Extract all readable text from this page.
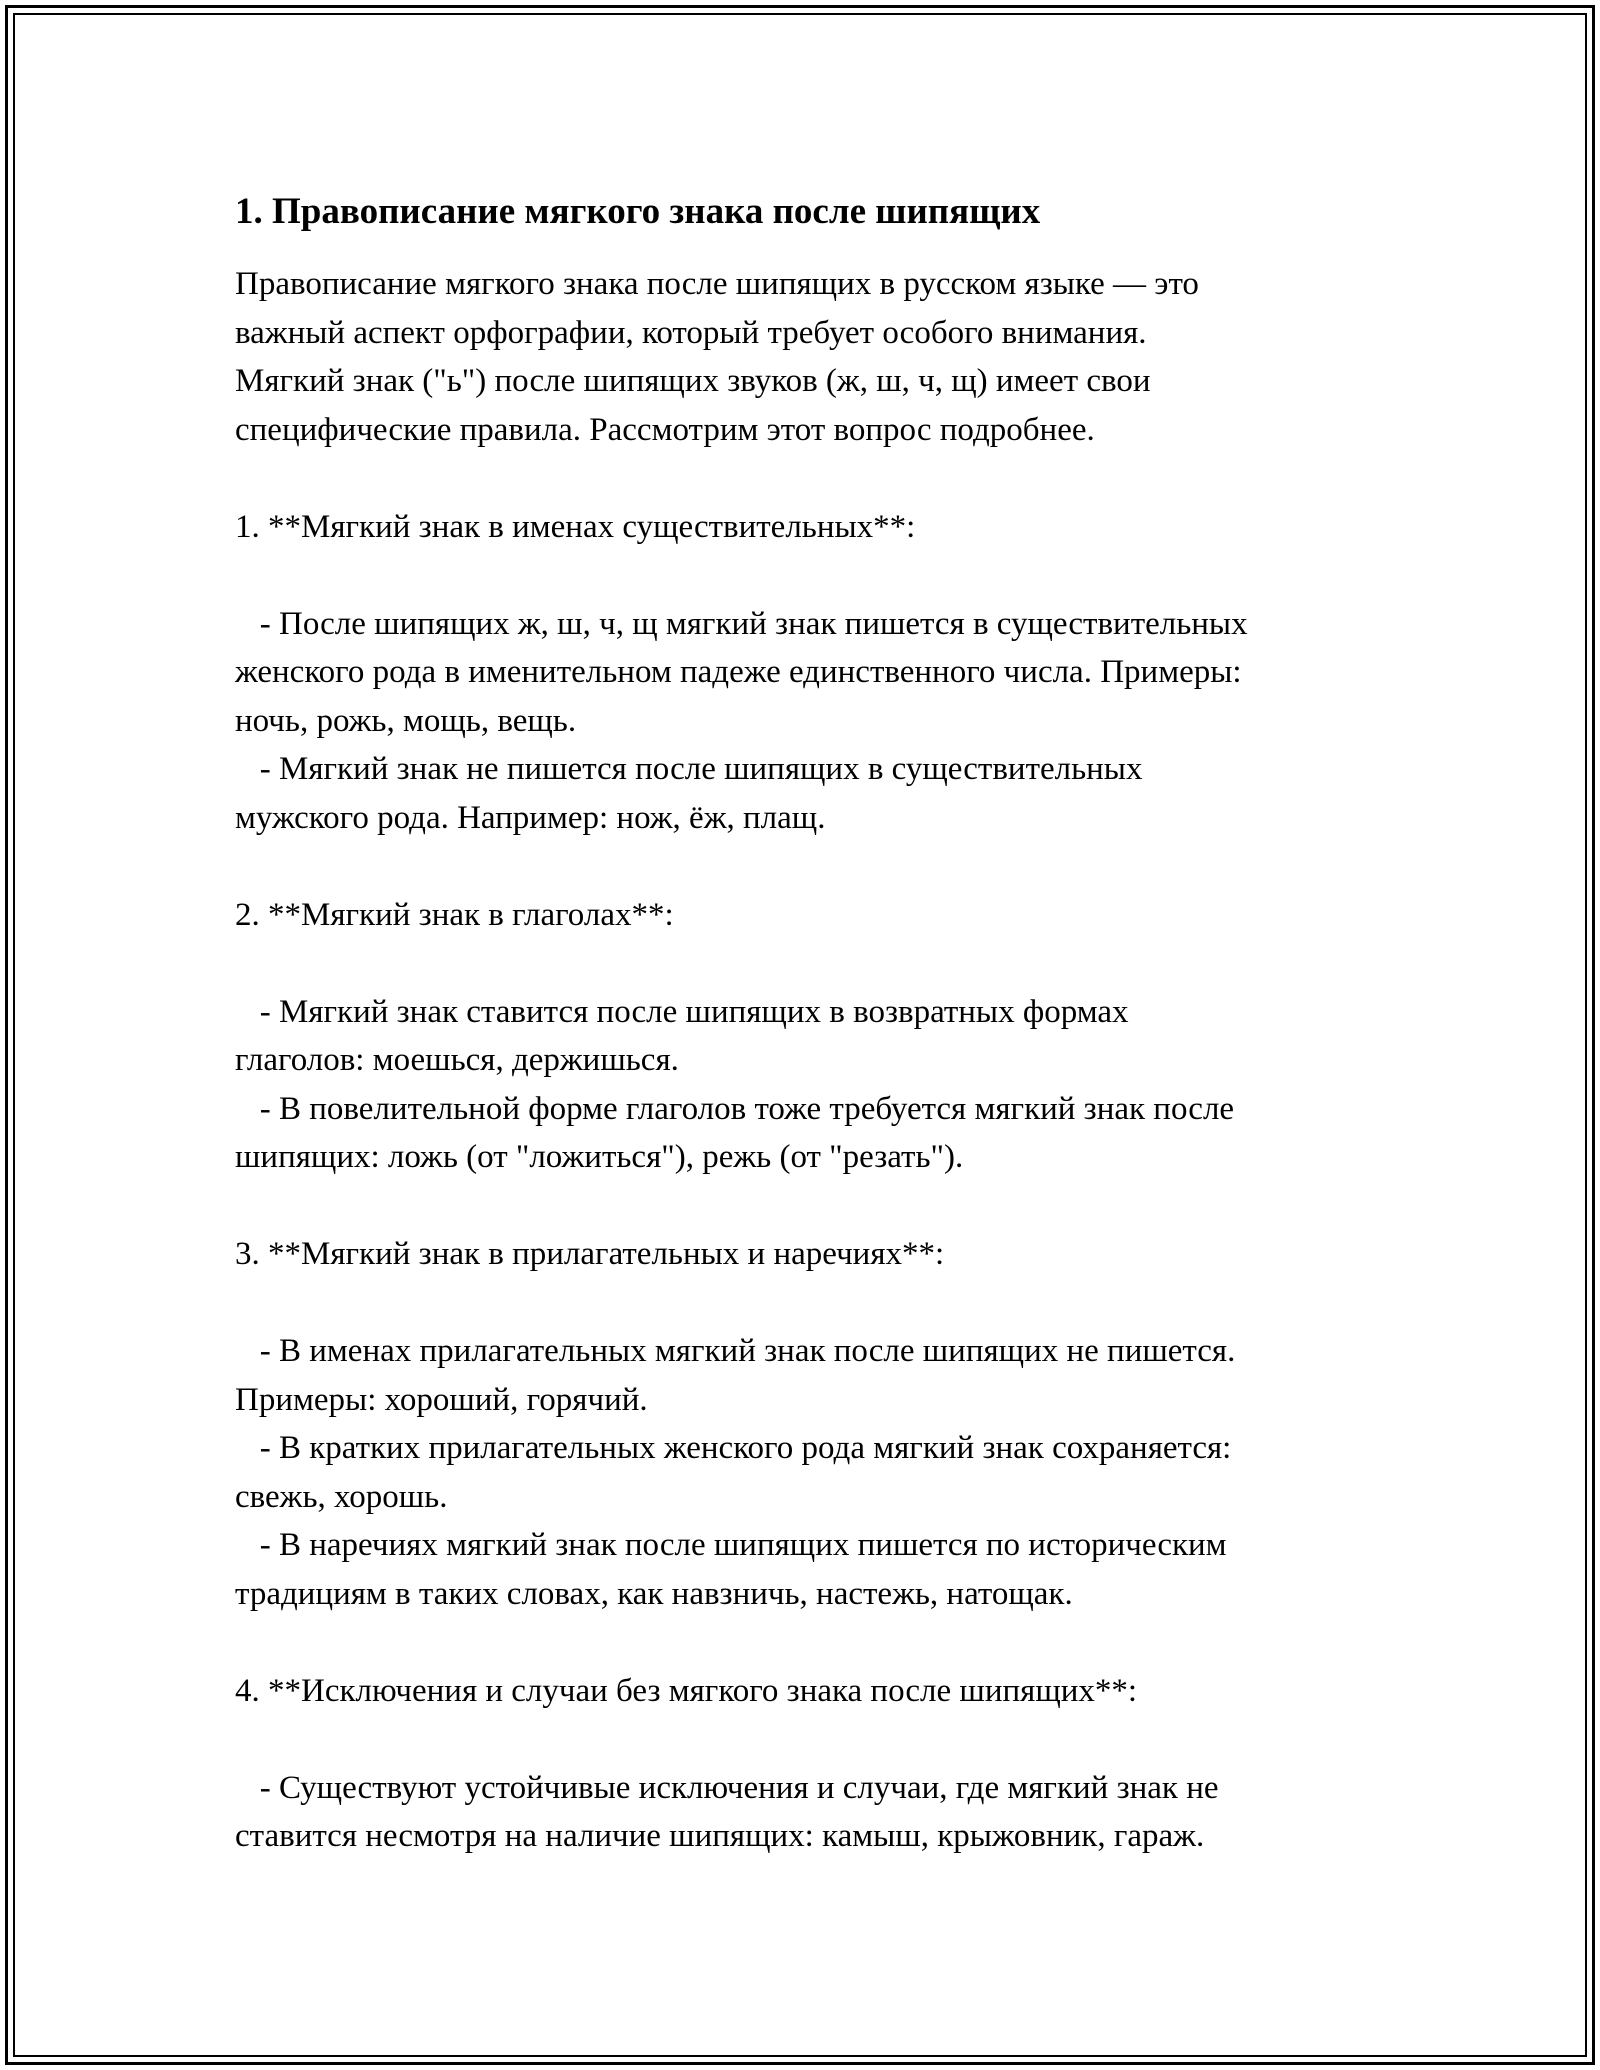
1. Правописание мягкого знака после шипящих
Правописание мягкого знака после шипящих в русском языке — это
важный аспект орфографии, который требует особого внимания.
Мягкий знак ("ь") после шипящих звуков (ж, ш, ч, щ) имеет свои
специфические правила. Рассмотрим этот вопрос подробнее.

1. **Мягкий знак в именах существительных**:

- После шипящих ж, ш, ч, щ мягкий знак пишется в существительных
женского рода в именительном падеже единственного числа. Примеры:
ночь, рожь, мощь, вещь.
- Мягкий знак не пишется после шипящих в существительных
мужского рода. Например: нож, ёж, плащ.

2. **Мягкий знак в глаголах**:

- Мягкий знак ставится после шипящих в возвратных формах
глаголов: моешься, держишься.
- В повелительной форме глаголов тоже требуется мягкий знак после
шипящих: ложь (от "ложиться"), режь (от "резать").

3. **Мягкий знак в прилагательных и наречиях**:

- В именах прилагательных мягкий знак после шипящих не пишется.
Примеры: хороший, горячий.
- В кратких прилагательных женского рода мягкий знак сохраняется:
свежь, хорошь.
- В наречиях мягкий знак после шипящих пишется по историческим
традициям в таких словах, как навзничь, настежь, натощак.

4. **Исключения и случаи без мягкого знака после шипящих**:

- Существуют устойчивые исключения и случаи, где мягкий знак не
ставится несмотря на наличие шипящих: камыш, крыжовник, гараж.
